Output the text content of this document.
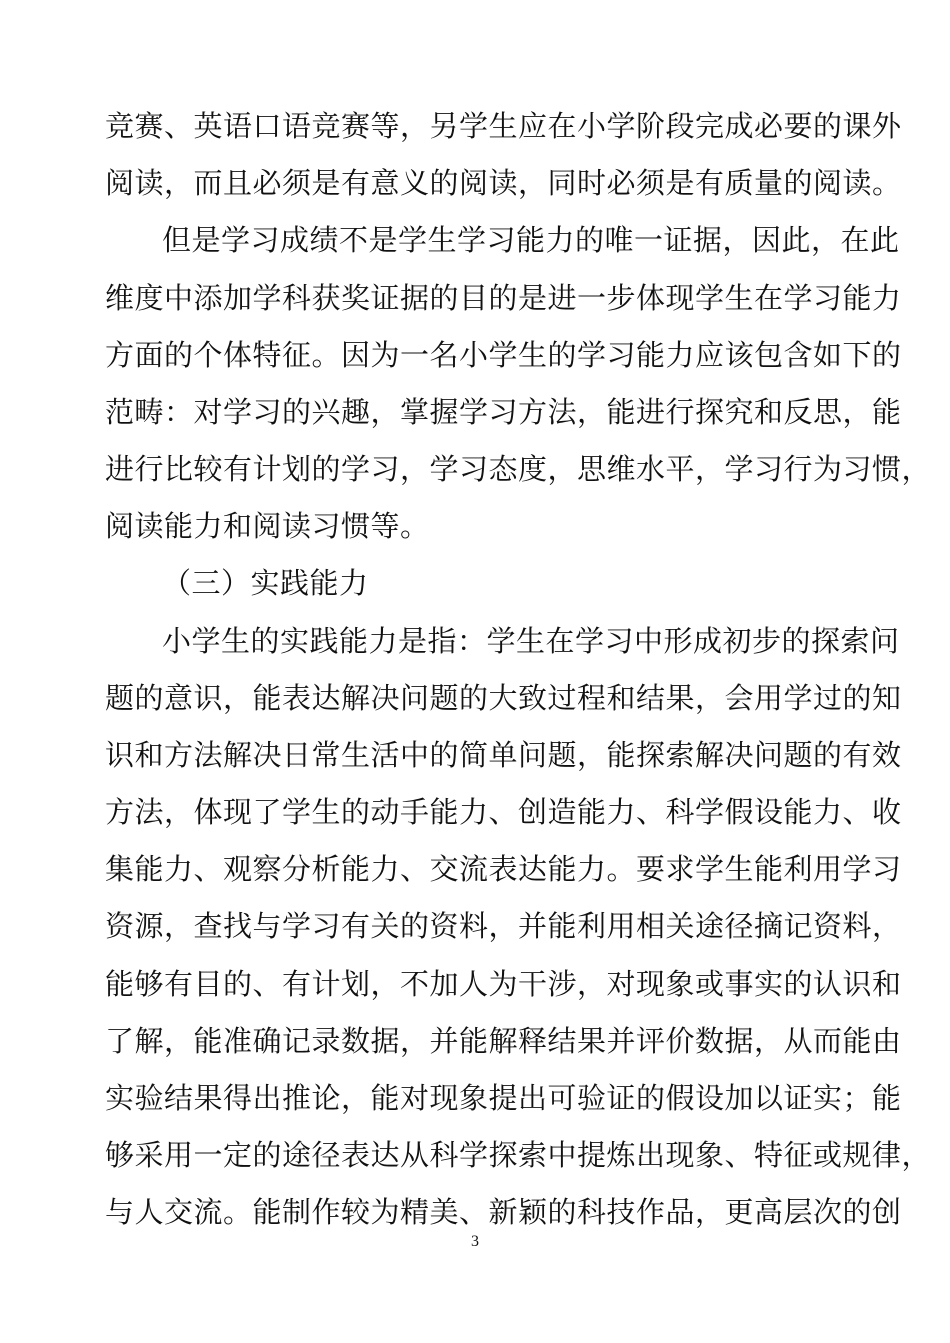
竞赛、英语口语竞赛等，另学生应在小学阶段完成必要的课外
阅读，而且必须是有意义的阅读，同时必须是有质量的阅读。
但是学习成绩不是学生学习能力的唯一证据，因此，在此
维度中添加学科获奖证据的目的是进一步体现学生在学习能力
方面的个体特征。因为一名小学生的学习能力应该包含如下的
范畴：对学习的兴趣，掌握学习方法，能进行探究和反思，能
进行比较有计划的学习，学习态度，思维水平，学习行为习惯，
阅读能力和阅读习惯等。
（三）实践能力
小学生的实践能力是指：学生在学习中形成初步的探索问
题的意识，能表达解决问题的大致过程和结果，会用学过的知
识和方法解决日常生活中的简单问题，能探索解决问题的有效
方法，体现了学生的动手能力、创造能力、科学假设能力、收
集能力、观察分析能力、交流表达能力。要求学生能利用学习
资源，查找与学习有关的资料，并能利用相关途径摘记资料，
能够有目的、有计划，不加人为干涉，对现象或事实的认识和
了解，能准确记录数据，并能解释结果并评价数据，从而能由
实验结果得出推论，能对现象提出可验证的假设加以证实；能
够采用一定的途径表达从科学探索中提炼出现象、特征或规律，
与人交流。能制作较为精美、新颖的科技作品，更高层次的创
3
